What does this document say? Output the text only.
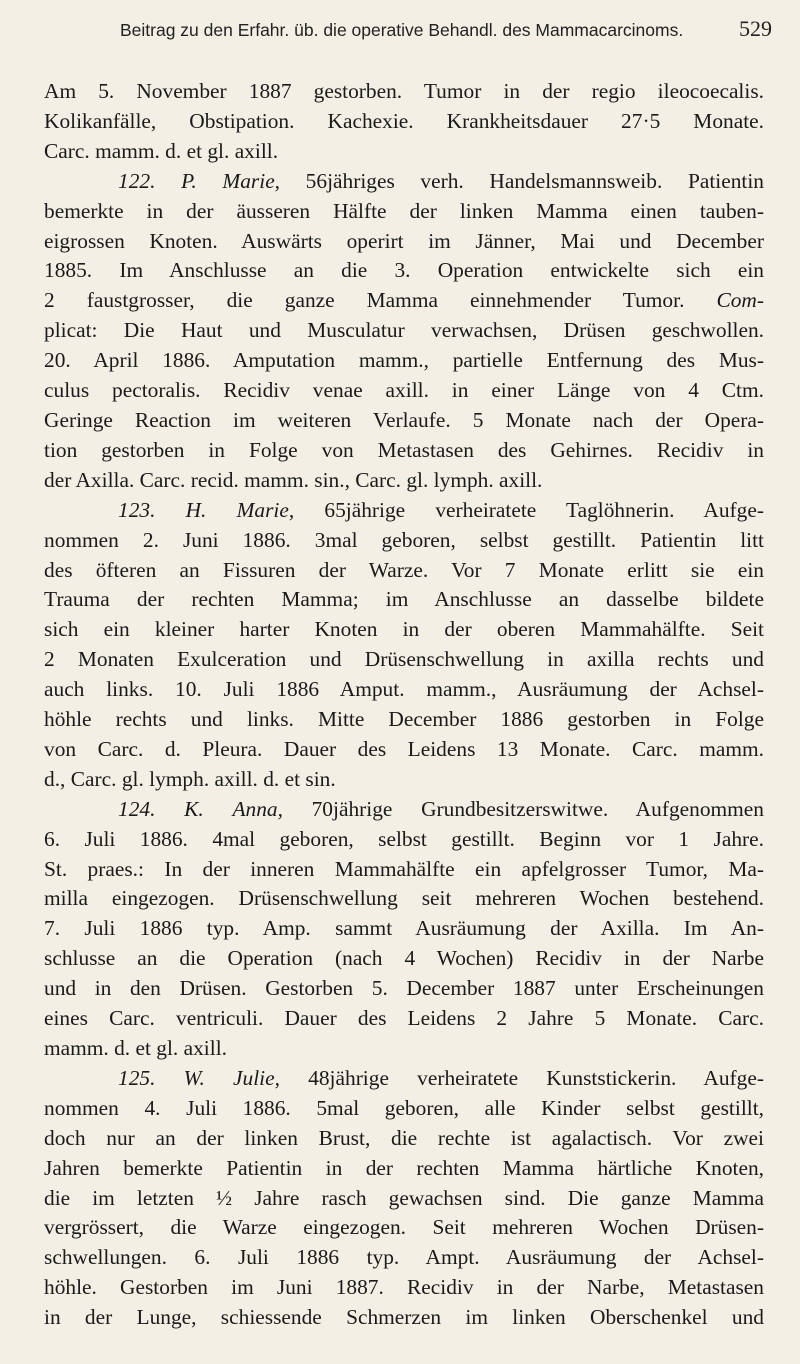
Beitrag zu den Erfahr. üb. die operative Behandl. des Mammacarcinoms.	529

Am 5. November 1887 gestorben. Tumor in der regio ileocoecalis.
Kolikanfälle, Obstipation. Kachexie. Krankheitsdauer 27·5 Monate.
Carc. mamm. d. et gl. axill.

122. P. Marie, 56jähriges verh. Handelsmannsweib. Patientin
bemerkte in der äusseren Hälfte der linken Mamma einen tauben-
eigrossen Knoten. Auswärts operirt im Jänner, Mai und December
1885. Im Anschlusse an die 3. Operation entwickelte sich ein
2 faustgrosser, die ganze Mamma einnehmender Tumor. Com-
plicat: Die Haut und Musculatur verwachsen, Drüsen geschwollen.
20. April 1886. Amputation mamm., partielle Entfernung des Mus-
culus pectoralis. Recidiv venae axill. in einer Länge von 4 Ctm.
Geringe Reaction im weiteren Verlaufe. 5 Monate nach der Opera-
tion gestorben in Folge von Metastasen des Gehirnes. Recidiv in
der Axilla. Carc. recid. mamm. sin., Carc. gl. lymph. axill.

123. H. Marie, 65jährige verheiratete Taglöhnerin. Aufge-
nommen 2. Juni 1886. 3mal geboren, selbst gestillt. Patientin litt
des öfteren an Fissuren der Warze. Vor 7 Monate erlitt sie ein
Trauma der rechten Mamma; im Anschlusse an dasselbe bildete
sich ein kleiner harter Knoten in der oberen Mammahälfte. Seit
2 Monaten Exulceration und Drüsenschwellung in axilla rechts und
auch links. 10. Juli 1886 Amput. mamm., Ausräumung der Achsel-
höhle rechts und links. Mitte December 1886 gestorben in Folge
von Carc. d. Pleura. Dauer des Leidens 13 Monate. Carc. mamm.
d., Carc. gl. lymph. axill. d. et sin.

124. K. Anna, 70jährige Grundbesitzerswitwe. Aufgenommen
6. Juli 1886. 4mal geboren, selbst gestillt. Beginn vor 1 Jahre.
St. praes.: In der inneren Mammahälfte ein apfelgrosser Tumor, Ma-
milla eingezogen. Drüsenschwellung seit mehreren Wochen bestehend.
7. Juli 1886 typ. Amp. sammt Ausräumung der Axilla. Im An-
schlusse an die Operation (nach 4 Wochen) Recidiv in der Narbe
und in den Drüsen. Gestorben 5. December 1887 unter Erscheinungen
eines Carc. ventriculi. Dauer des Leidens 2 Jahre 5 Monate. Carc.
mamm. d. et gl. axill.

125. W. Julie, 48jährige verheiratete Kunststickerin. Aufge-
nommen 4. Juli 1886. 5mal geboren, alle Kinder selbst gestillt,
doch nur an der linken Brust, die rechte ist agalactisch. Vor zwei
Jahren bemerkte Patientin in der rechten Mamma härtliche Knoten,
die im letzten ½ Jahre rasch gewachsen sind. Die ganze Mamma
vergrössert, die Warze eingezogen. Seit mehreren Wochen Drüsen-
schwellungen. 6. Juli 1886 typ. Ampt. Ausräumung der Achsel-
höhle. Gestorben im Juni 1887. Recidiv in der Narbe, Metastasen
in der Lunge, schiessende Schmerzen im linken Oberschenkel und
